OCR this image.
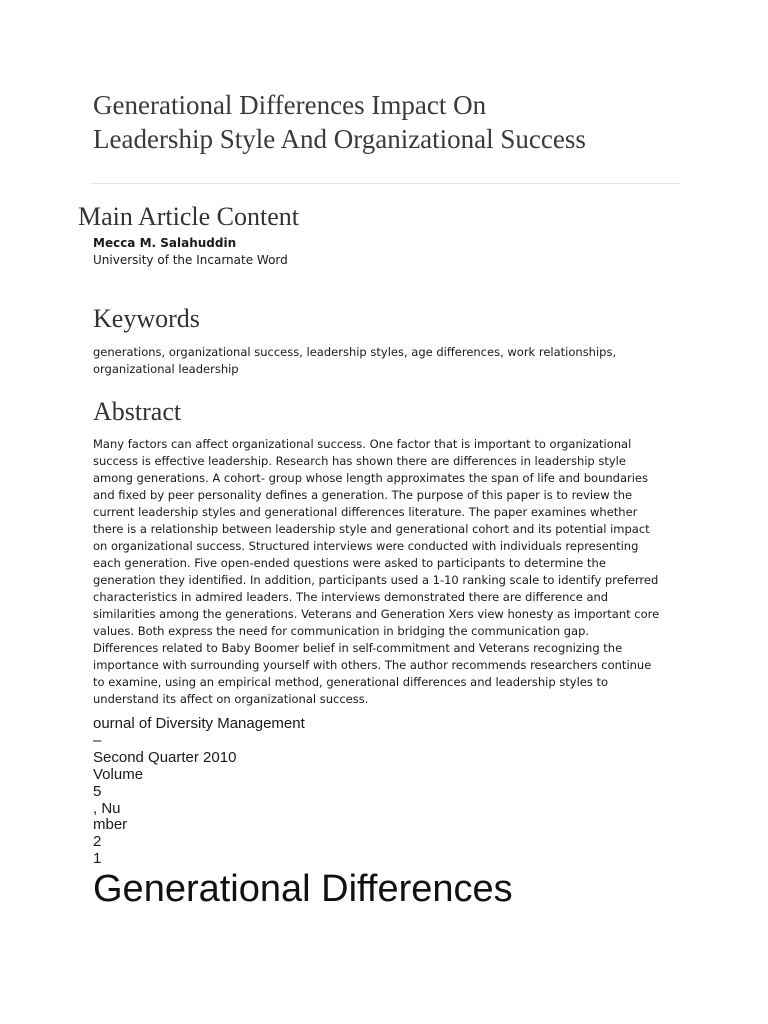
Generational Differences Impact On
Leadership Style And Organizational Success
Main Article Content
Mecca M. Salahuddin
University of the Incarnate Word
Keywords
generations, organizational success, leadership styles, age differences, work relationships,
organizational leadership
Abstract
Many factors can affect organizational success. One factor that is important to organizational
success is effective leadership. Research has shown there are differences in leadership style
among generations. A cohort- group whose length approximates the span of life and boundaries
and fixed by peer personality defines a generation. The purpose of this paper is to review the
current leadership styles and generational differences literature. The paper examines whether
there is a relationship between leadership style and generational cohort and its potential impact
on organizational success. Structured interviews were conducted with individuals representing
each generation. Five open-ended questions were asked to participants to determine the
generation they identified. In addition, participants used a 1-10 ranking scale to identify preferred
characteristics in admired leaders. The interviews demonstrated there are difference and
similarities among the generations. Veterans and Generation Xers view honesty as important core
values. Both express the need for communication in bridging the communication gap.
Differences related to Baby Boomer belief in self-commitment and Veterans recognizing the
importance with surrounding yourself with others. The author recommends researchers continue
to examine, using an empirical method, generational differences and leadership styles to
understand its affect on organizational success.
ournal of Diversity Management
–
Second Quarter 2010
Volume
5
, Nu
mber
2
1
Generational Differences
